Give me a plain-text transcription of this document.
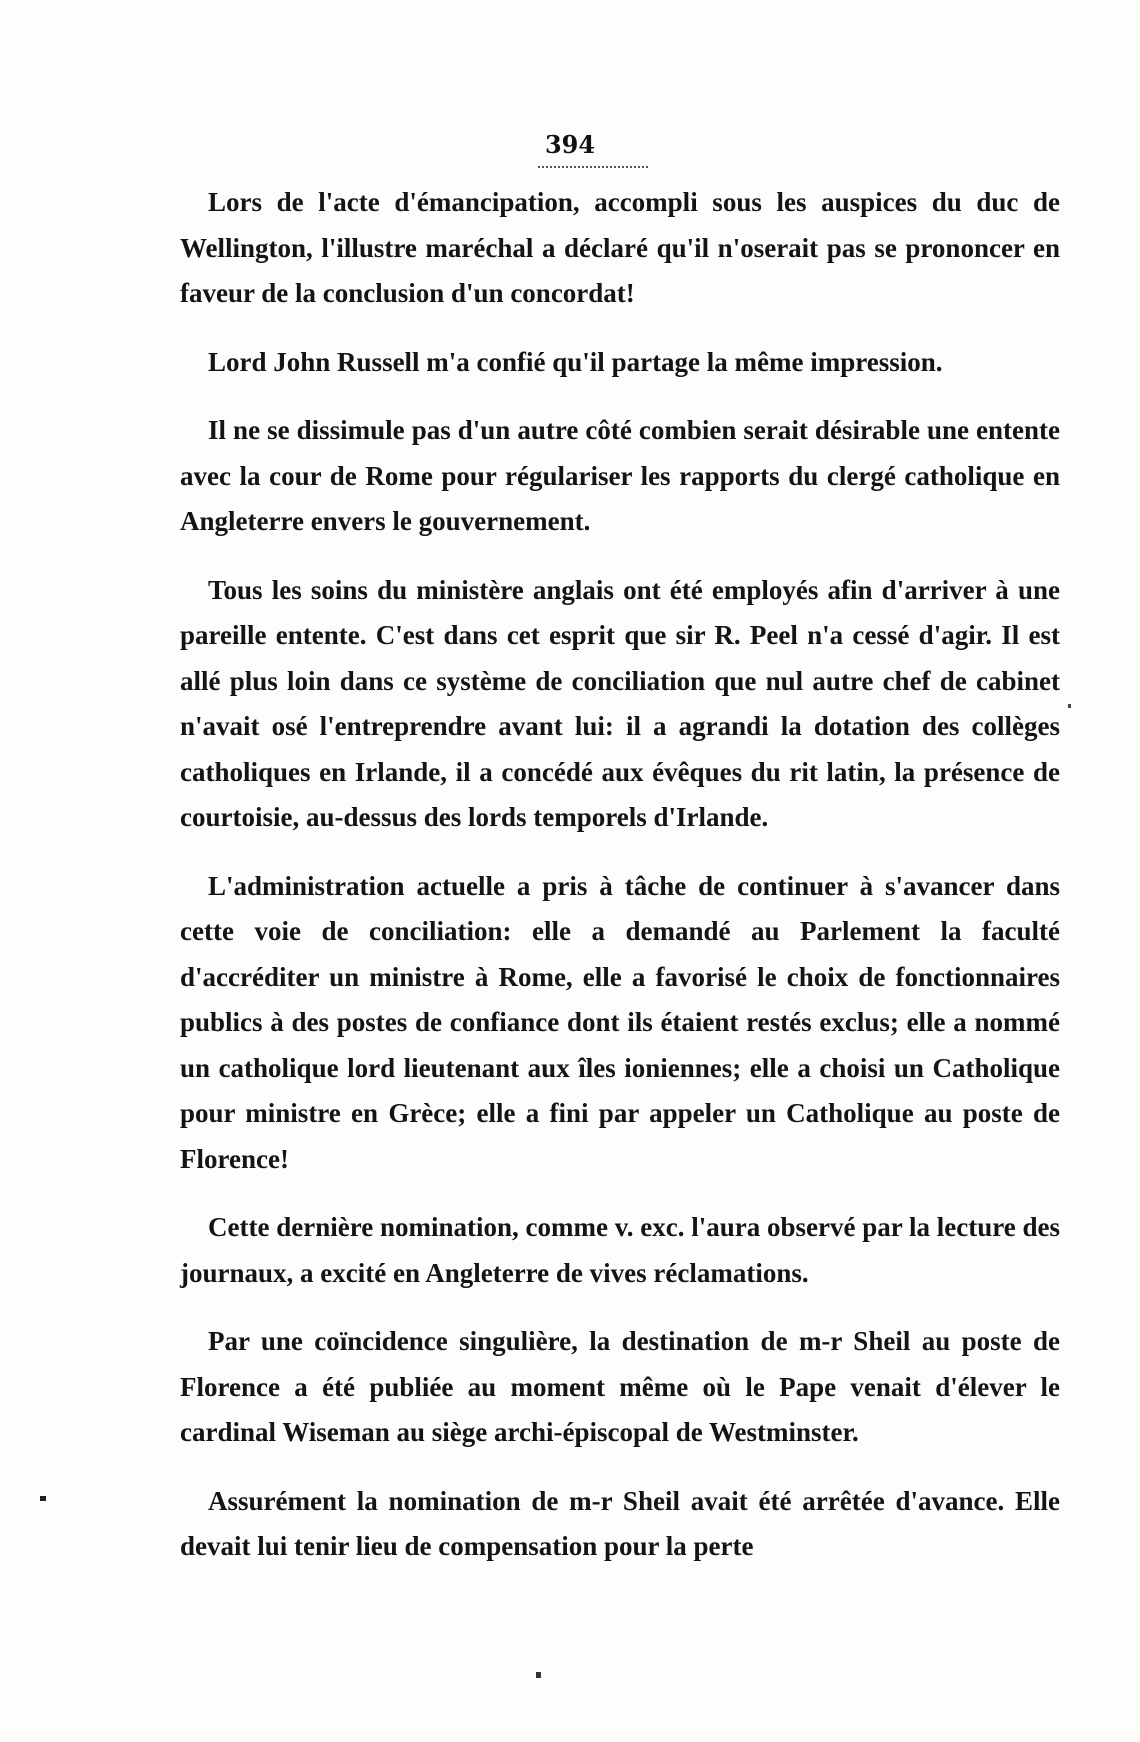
394

Lors de l'acte d'émancipation, accompli sous les auspices du duc de Wellington, l'illustre maréchal a déclaré qu'il n'oserait pas se prononcer en faveur de la conclusion d'un concordat!

Lord John Russell m'a confié qu'il partage la même impression.

Il ne se dissimule pas d'un autre côté combien serait désirable une entente avec la cour de Rome pour régulariser les rapports du clergé catholique en Angleterre envers le gouvernement.

Tous les soins du ministère anglais ont été employés afin d'arriver à une pareille entente. C'est dans cet esprit que sir R. Peel n'a cessé d'agir. Il est allé plus loin dans ce système de conciliation que nul autre chef de cabinet n'avait osé l'entreprendre avant lui: il a agrandi la dotation des collèges catholiques en Irlande, il a concédé aux évêques du rit latin, la présence de courtoisie, au-dessus des lords temporels d'Irlande.

L'administration actuelle a pris à tâche de continuer à s'avancer dans cette voie de conciliation: elle a demandé au Parlement la faculté d'accréditer un ministre à Rome, elle a favorisé le choix de fonctionnaires publics à des postes de confiance dont ils étaient restés exclus; elle a nommé un catholique lord lieutenant aux îles ioniennes; elle a choisi un Catholique pour ministre en Grèce; elle a fini par appeler un Catholique au poste de Florence!

Cette dernière nomination, comme v. exc. l'aura observé par la lecture des journaux, a excité en Angleterre de vives réclamations.

Par une coïncidence singulière, la destination de m-r Sheil au poste de Florence a été publiée au moment même où le Pape venait d'élever le cardinal Wiseman au siège archi-épiscopal de Westminster.

Assurément la nomination de m-r Sheil avait été arrêtée d'avance. Elle devait lui tenir lieu de compensation pour la perte
